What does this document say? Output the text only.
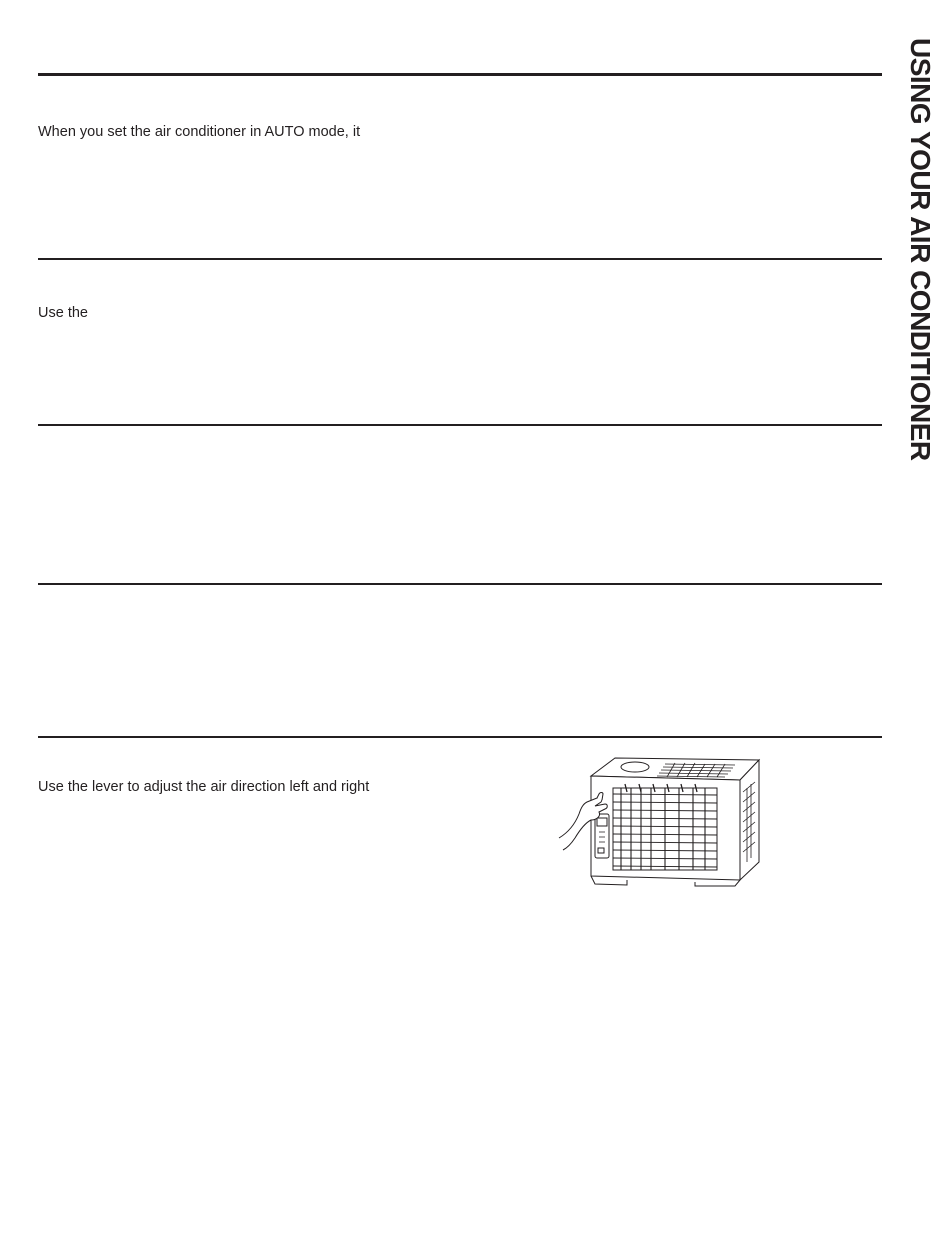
When you set the air conditioner in AUTO mode, it
Use the
Use the lever to adjust the air direction left and right
USING YOUR AIR CONDITIONER
